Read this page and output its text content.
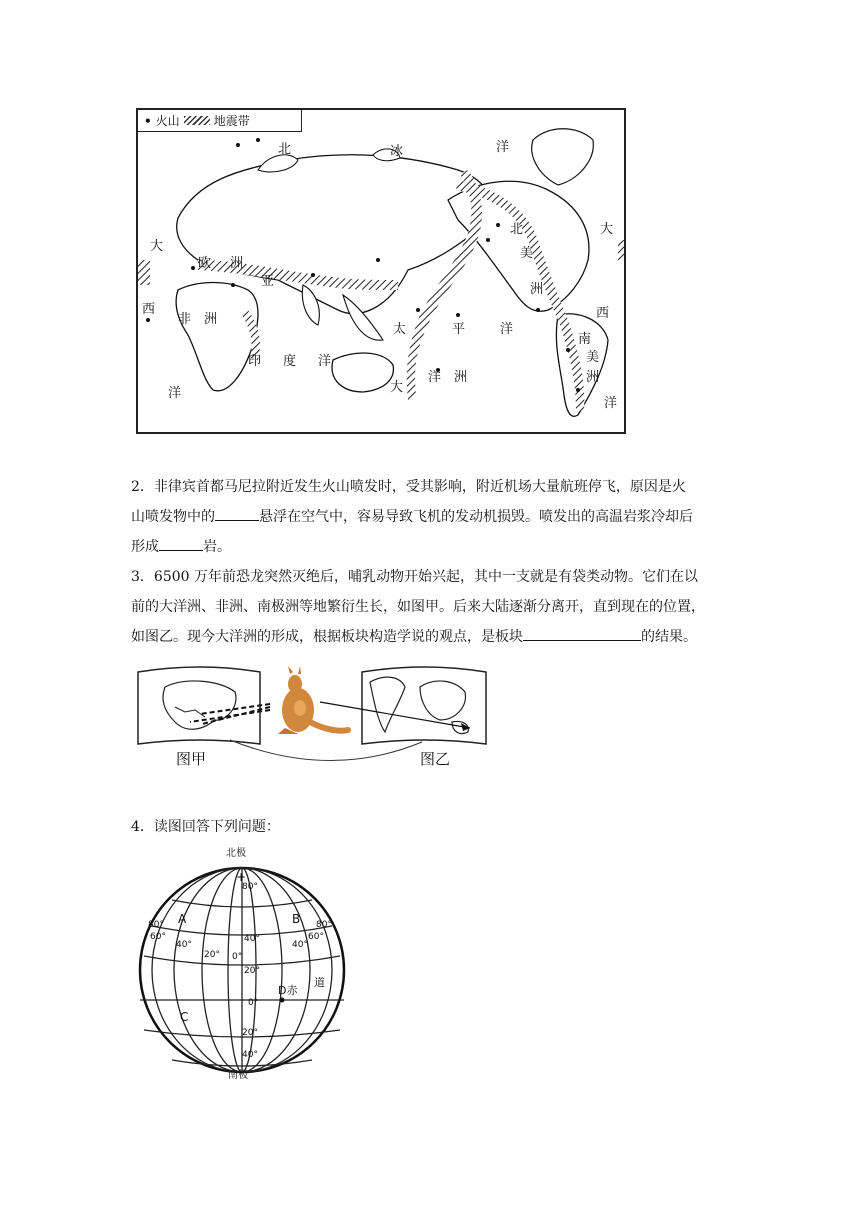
• 火山	地震带
北	冰	洋
大
欧 洲
亚
西
非 洲
印 度 洋
洋
太	平	洋
北
美
洲
大
西
南
美
洲
洋
大
洋 洲
2．非律宾首都马尼拉附近发生火山喷发时，受其影响，附近机场大量航班停飞，原因是火
山喷发物中的	悬浮在空气中，容易导致飞机的发动机损毁。喷发出的高温岩浆冷却后
形成	岩。
3．6500 万年前恐龙突然灭绝后，哺乳动物开始兴起，其中一支就是有袋类动物。它们在以
前的大洋洲、非洲、南极洲等地繁衍生长，如图甲。后来大陆逐渐分离开，直到现在的位置，
如图乙。现今大洋洲的形成，根据板块构造学说的观点，是板块	的结果。
图甲	图乙
4．读图回答下列问题：
北极
南极
+
A	B
C
D赤
道
80°
80°
60°
40°
20° 0°
40°
20°
0°
20°
40°
40°
60°
80°
